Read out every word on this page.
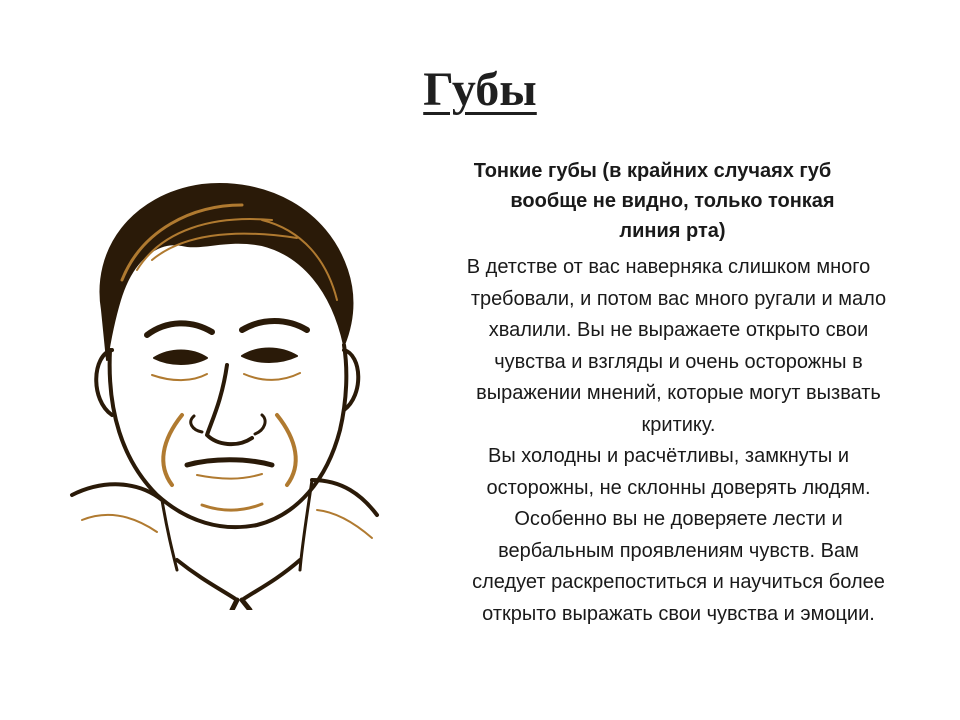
Губы

Тонкие губы (в крайних случаях губ вообще не видно, только тонкая линия рта)

В детстве от вас наверняка слишком много требовали, и потом вас много ругали и мало хвалили. Вы не выражаете открыто свои чувства и взгляды и очень осторожны в выражении мнений, которые могут вызвать критику.

Вы холодны и расчётливы, замкнуты и осторожны, не склонны доверять людям. Особенно вы не доверяете лести и вербальным проявлениям чувств. Вам следует раскрепоститься и научиться более открыто выражать свои чувства и эмоции.
